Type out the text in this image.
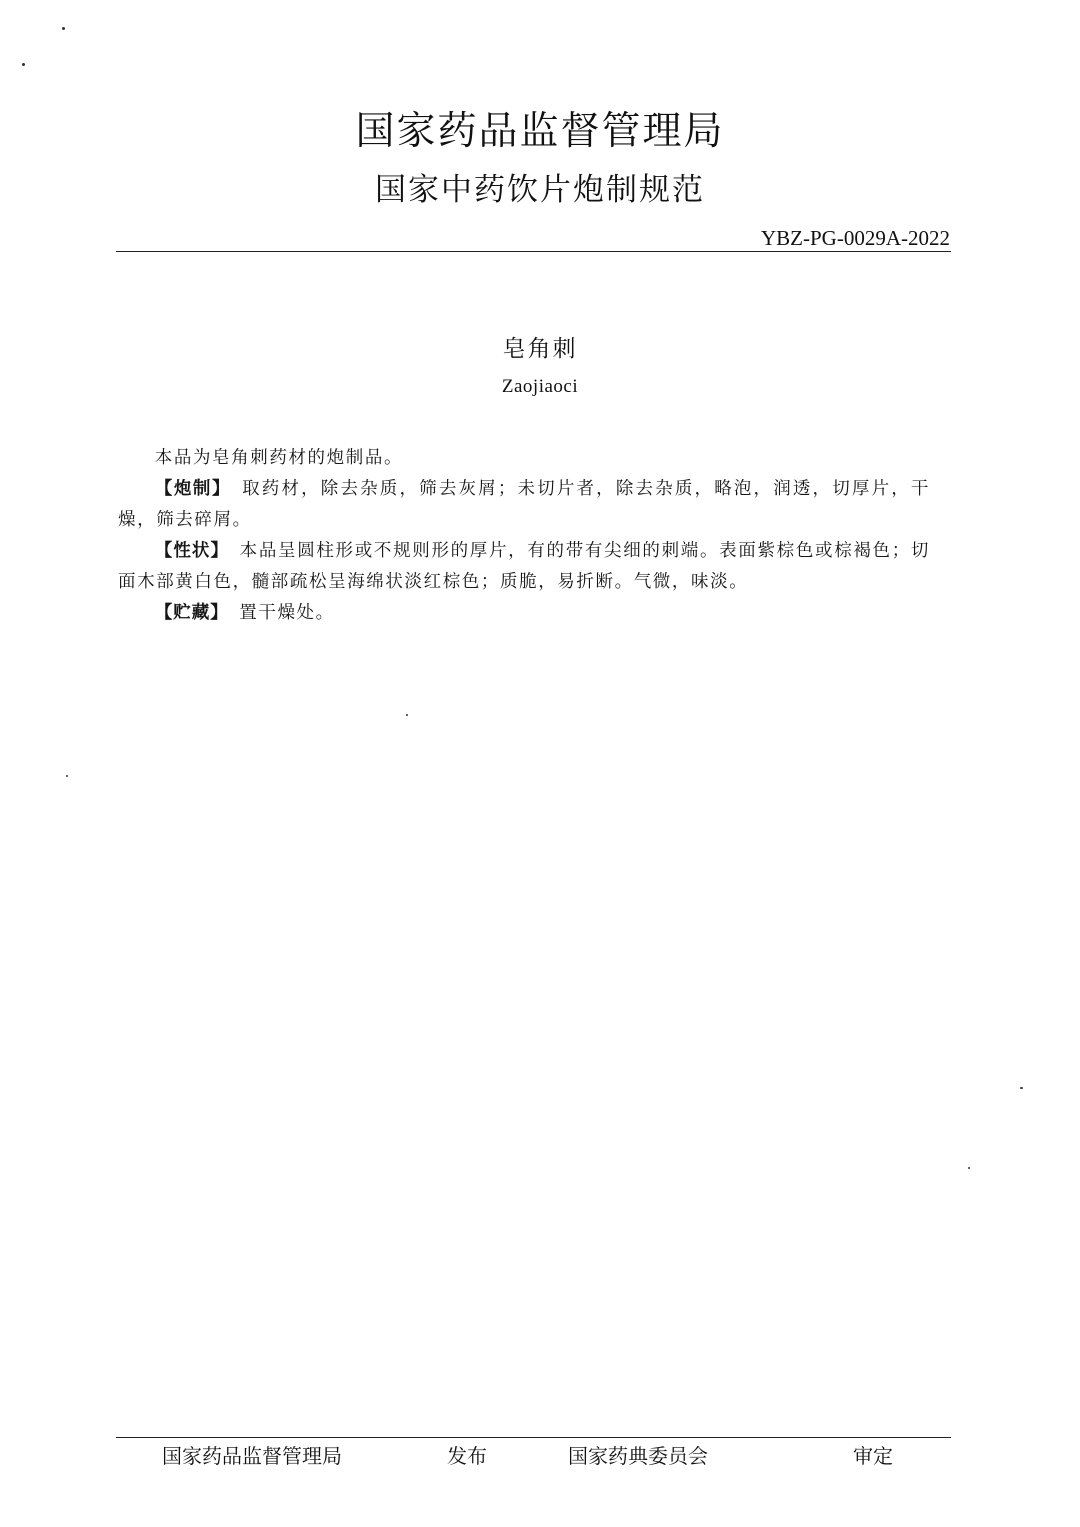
国家药品监督管理局
国家中药饮片炮制规范
YBZ-PG-0029A-2022
皂角刺
Zaojiaoci

本品为皂角刺药材的炮制品。

【炮制】 取药材，除去杂质，筛去灰屑；未切片者，除去杂质，略泡，润透，切厚片，干燥，筛去碎屑。

【性状】 本品呈圆柱形或不规则形的厚片，有的带有尖细的刺端。表面紫棕色或棕褐色；切面木部黄白色，髓部疏松呈海绵状淡红棕色；质脆，易折断。气微，味淡。

【贮藏】 置干燥处。

国家药品监督管理局	发布	国家药典委员会	审定
